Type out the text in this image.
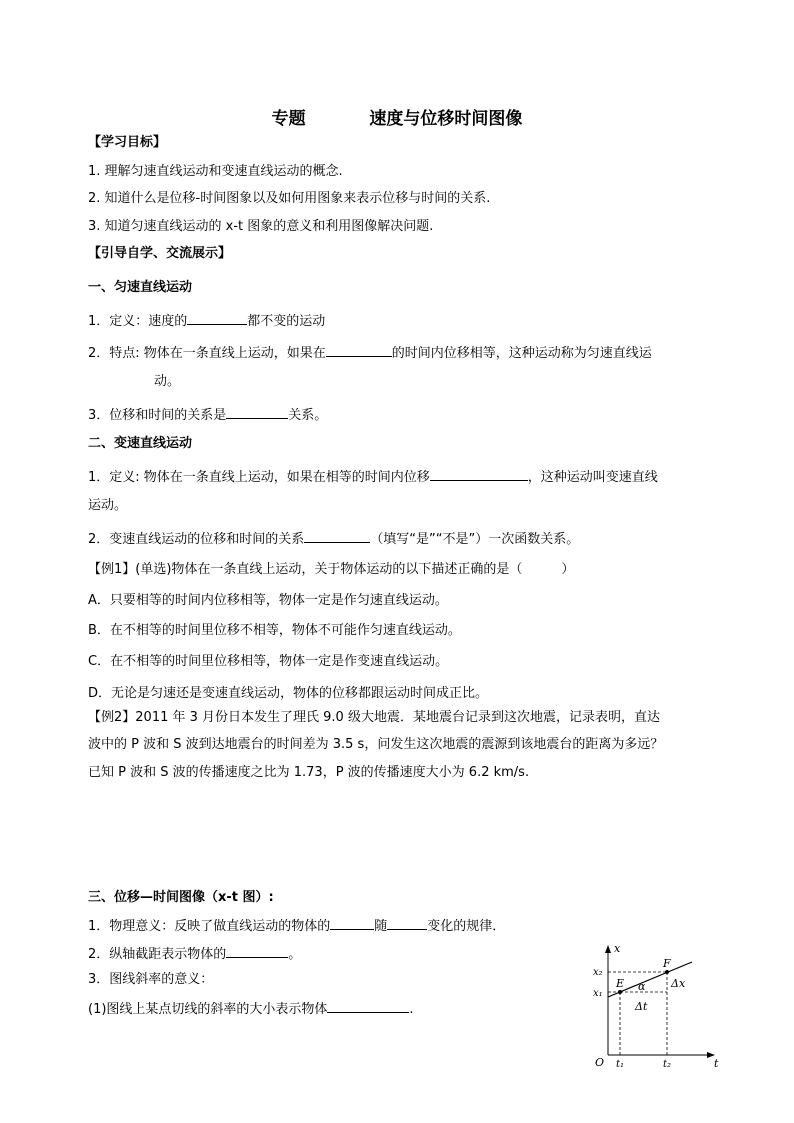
专题	速度与位移时间图像
【学习目标】
1. 理解匀速直线运动和变速直线运动的概念.
2. 知道什么是位移-时间图象以及如何用图象来表示位移与时间的关系.
3. 知道匀速直线运动的 x-t 图象的意义和利用图像解决问题.
【引导自学、交流展示】
一、匀速直线运动
1．定义：速度的	都不变的运动
2．特点: 物体在一条直线上运动，如果在	的时间内位移相等，这种运动称为匀速直线运
动。
3．位移和时间的关系是	关系。
二、变速直线运动
1．定义: 物体在一条直线上运动，如果在相等的时间内位移	，这种运动叫变速直线
运动。
2．变速直线运动的位移和时间的关系	（填写“是”“不是”）一次函数关系。
【例1】(单选)物体在一条直线上运动，关于物体运动的以下描述正确的是（　　　）
A．只要相等的时间内位移相等，物体一定是作匀速直线运动。
B．在不相等的时间里位移不相等，物体不可能作匀速直线运动。
C．在不相等的时间里位移相等，物体一定是作变速直线运动。
D．无论是匀速还是变速直线运动，物体的位移都跟运动时间成正比。
【例2】2011 年 3 月份日本发生了理氏 9.0 级大地震．某地震台记录到这次地震，记录表明，直达
波中的 P 波和 S 波到达地震台的时间差为 3.5 s，问发生这次地震的震源到该地震台的距离为多远？
已知 P 波和 S 波的传播速度之比为 1.73，P 波的传播速度大小为 6.2 km/s.
三、位移—时间图像（x-t 图）:
1．物理意义：反映了做直线运动的物体的	随	变化的规律．
2．纵轴截距表示物体的	。
3．图线斜率的意义：
(1)图线上某点切线的斜率的大小表示物体	.
x
t
O
x₂
x₁
t₁	t₂
E
F
α Δx
Δt
